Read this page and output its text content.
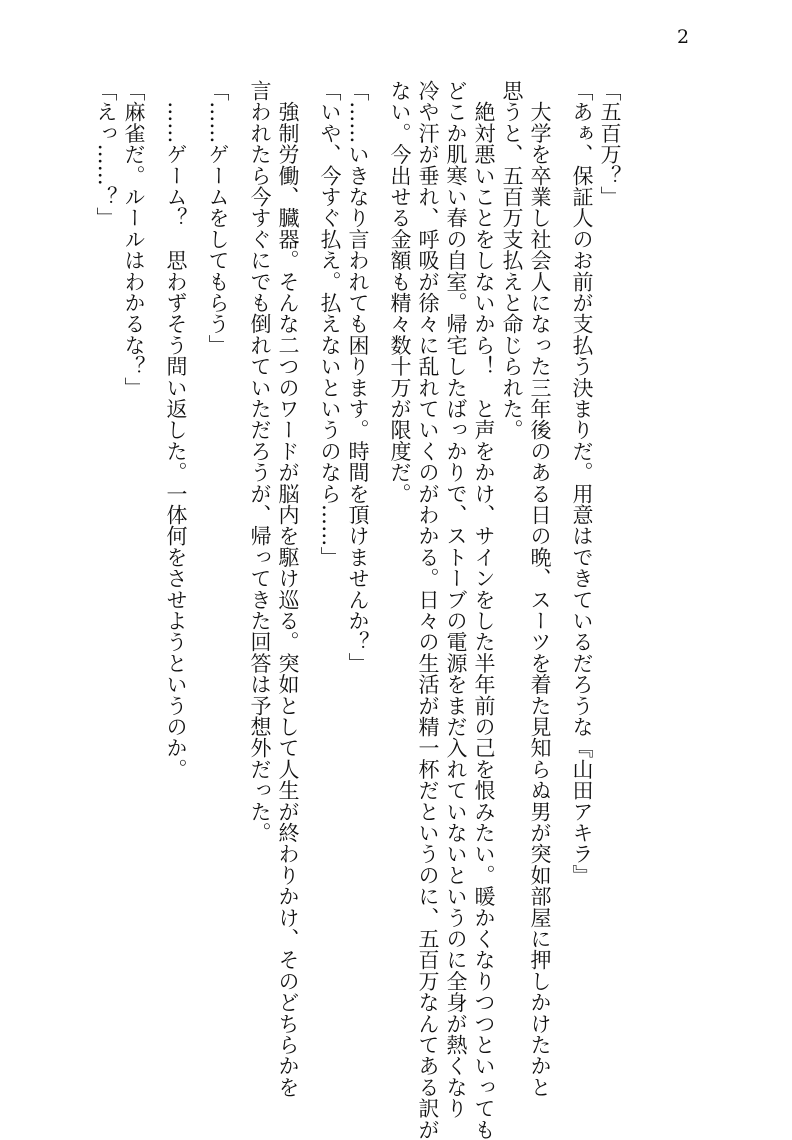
2
「五百万？」
「あぁ、保証人のお前が支払う決まりだ。用意はできているだろうな『山田アキラ』
　大学を卒業し社会人になった三年後のある日の晩、スーツを着た見知らぬ男が突如部屋に押しかけたかと
思うと、五百万支払えと命じられた。
　絶対悪いことをしないから！　と声をかけ、サインをした半年前の己を恨みたい。暖かくなりつつといっても
どこか肌寒い春の自室。帰宅したばっかりで、ストーブの電源をまだ入れていないというのに全身が熱くなり
冷や汗が垂れ、呼吸が徐々に乱れていくのがわかる。日々の生活が精一杯だというのに、五百万なんてある訳が
ない。今出せる金額も精々数十万が限度だ。
「……いきなり言われても困ります。時間を頂けませんか？」
「いや、今すぐ払え。払えないというのなら……」
　強制労働、臓器。そんな二つのワードが脳内を駆け巡る。突如として人生が終わりかけ、そのどちらかを
言われたら今すぐにでも倒れていただろうが、帰ってきた回答は予想外だった。
「……ゲームをしてもらう」
　……ゲーム？　思わずそう問い返した。一体何をさせようというのか。
「麻雀だ。ルールはわかるな？」
「えっ……？」
